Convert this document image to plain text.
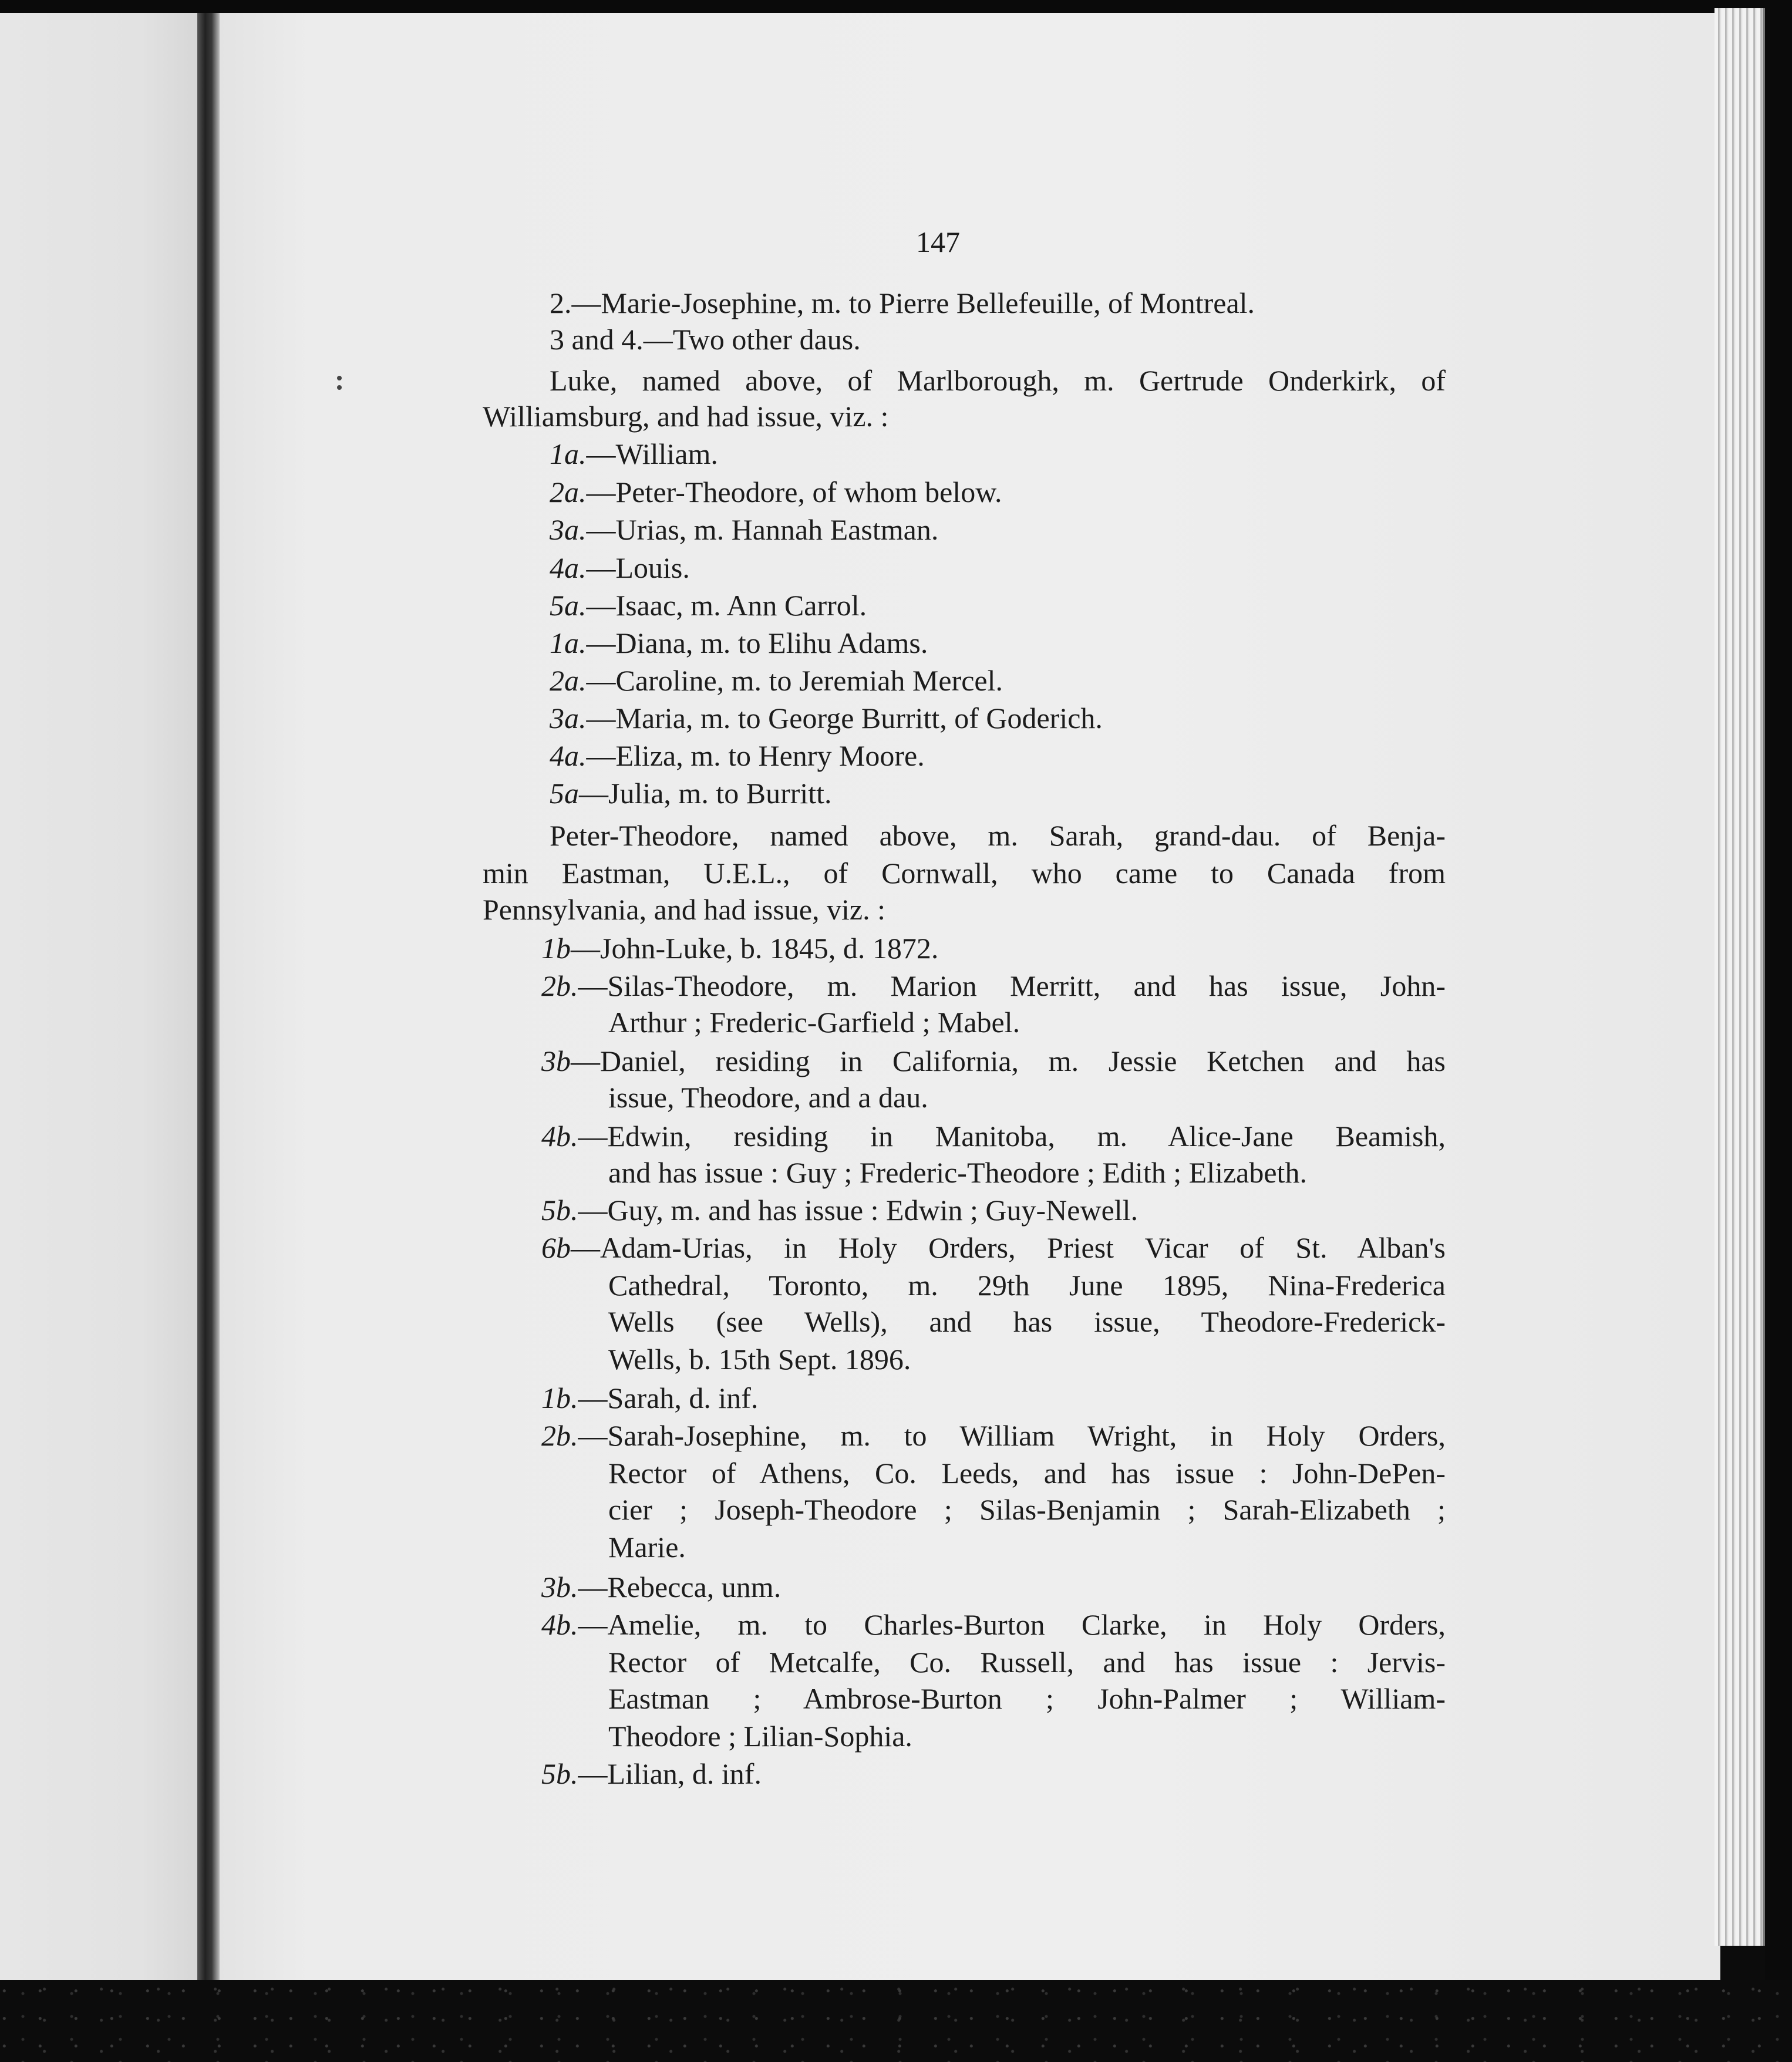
147
2.—Marie-Josephine, m. to Pierre Bellefeuille, of Montreal.
3 and 4.—Two other daus.
Luke, named above, of Marlborough, m. Gertrude Onderkirk, of
Williamsburg, and had issue, viz. :
1a.—William.
2a.—Peter-Theodore, of whom below.
3a.—Urias, m. Hannah Eastman.
4a.—Louis.
5a.—Isaac, m. Ann Carrol.
1a.—Diana, m. to Elihu Adams.
2a.—Caroline, m. to Jeremiah Mercel.
3a.—Maria, m. to George Burritt, of Goderich.
4a.—Eliza, m. to Henry Moore.
5a—Julia, m. to Burritt.
Peter-Theodore, named above, m. Sarah, grand-dau. of Benja-
min Eastman, U.E.L., of Cornwall, who came to Canada from
Pennsylvania, and had issue, viz. :
1b—John-Luke, b. 1845, d. 1872.
2b.—Silas-Theodore, m. Marion Merritt, and has issue, John-
Arthur ; Frederic-Garfield ; Mabel.
3b—Daniel, residing in California, m. Jessie Ketchen and has
issue, Theodore, and a dau.
4b.—Edwin, residing in Manitoba, m. Alice-Jane Beamish,
and has issue : Guy ; Frederic-Theodore ; Edith ; Elizabeth.
5b.—Guy, m. and has issue : Edwin ; Guy-Newell.
6b—Adam-Urias, in Holy Orders, Priest Vicar of St. Alban's
Cathedral, Toronto, m. 29th June 1895, Nina-Frederica
Wells (see Wells), and has issue, Theodore-Frederick-
Wells, b. 15th Sept. 1896.
1b.—Sarah, d. inf.
2b.—Sarah-Josephine, m. to William Wright, in Holy Orders,
Rector of Athens, Co. Leeds, and has issue : John-DePen-
cier ; Joseph-Theodore ; Silas-Benjamin ; Sarah-Elizabeth ;
Marie.
3b.—Rebecca, unm.
4b.—Amelie, m. to Charles-Burton Clarke, in Holy Orders,
Rector of Metcalfe, Co. Russell, and has issue : Jervis-
Eastman ; Ambrose-Burton ; John-Palmer ; William-
Theodore ; Lilian-Sophia.
5b.—Lilian, d. inf.
